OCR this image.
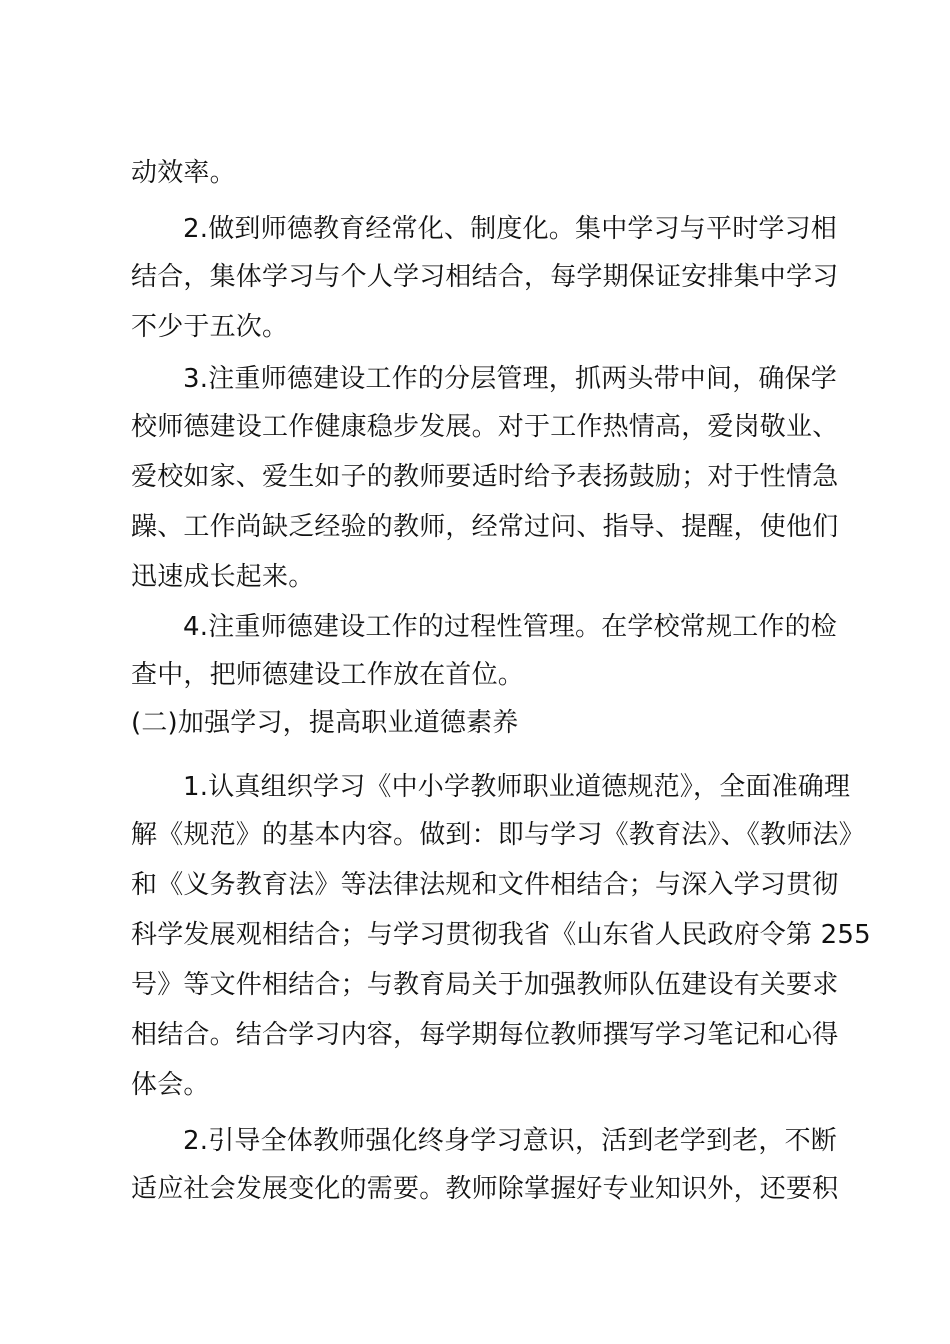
动效率。
2.做到师德教育经常化、制度化。集中学习与平时学习相
结合，集体学习与个人学习相结合，每学期保证安排集中学习
不少于五次。
3.注重师德建设工作的分层管理，抓两头带中间，确保学
校师德建设工作健康稳步发展。对于工作热情高，爱岗敬业、
爱校如家、爱生如子的教师要适时给予表扬鼓励；对于性情急
躁、工作尚缺乏经验的教师，经常过问、指导、提醒，使他们
迅速成长起来。
4.注重师德建设工作的过程性管理。在学校常规工作的检
查中，把师德建设工作放在首位。
(二)加强学习，提高职业道德素养
1.认真组织学习《中小学教师职业道德规范》，全面准确理
解《规范》的基本内容。做到：即与学习《教育法》、《教师法》
和《义务教育法》等法律法规和文件相结合；与深入学习贯彻
科学发展观相结合；与学习贯彻我省《山东省人民政府令第 255
号》等文件相结合；与教育局关于加强教师队伍建设有关要求
相结合。结合学习内容，每学期每位教师撰写学习笔记和心得
体会。
2.引导全体教师强化终身学习意识，活到老学到老，不断
适应社会发展变化的需要。教师除掌握好专业知识外，还要积
